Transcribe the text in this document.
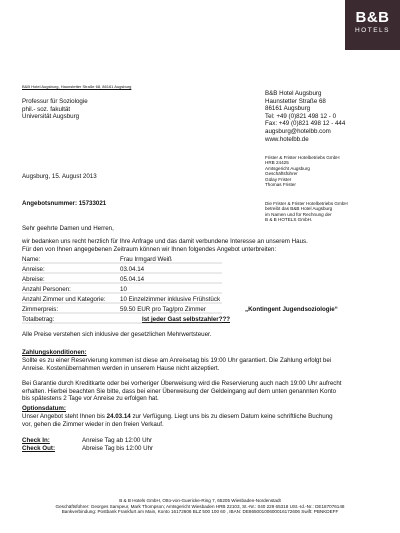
B&B
HOTELS
B&B Hotel Augsburg, Haunstetter Straße 68, 86161 Augsburg
Professur für Soziologie
phil.- soz. fakultät
Universität Augsburg
B&B Hotel Augsburg
Haunstetter Straße 68
86161 Augsburg
Tel: +49 (0)821 498 12 - 0
Fax: +49 (0)821 498 12 - 444
augsburg@hotelbb.com
www.hotelbb.de
Frister & Frister Hotelbetriebs GmbH
HRB 24425
Amtsgericht Augsburg
Geschäftsführer
Gülay Frister
Thomas Frister
Augsburg, 15. August 2013
Die Frister & Frister Hotelbetriebs GmbH
betreibt das B&B Hotel Augsburg
im Namen und für Rechnung der
B & B HOTELS GmbH.
Angebotsnummer: 15733021
Sehr geehrte Damen und Herren,
wir bedanken uns recht herzlich für Ihre Anfrage und das damit verbundene Interesse an unserem Haus.
Für den von Ihnen angegebenen Zeitraum können wir Ihnen folgendes Angebot unterbreiten:
Name:	Frau Irmgard Weiß
Anreise:	03.04.14
Abreise:	05.04.14
Anzahl Personen:	10
Anzahl Zimmer und Kategorie: 10 Einzelzimmer inklusive Frühstück
Zimmerpreis:	59.50 EUR pro Tag/pro Zimmer	„Kontingent Jugendsoziologie“
Totalbetrag:	Ist jeder Gast selbstzahler???
Alle Preise verstehen sich inklusive der gesetzlichen Mehrwertsteuer.
Zahlungskonditionen:
Sollte es zu einer Reservierung kommen ist diese am Anreisetag bis 19:00 Uhr garantiert. Die Zahlung erfolgt bei
Anreise. Kostenübernahmen werden in unserem Hause nicht akzeptiert.
Bei Garantie durch Kreditkarte oder bei vorheriger Überweisung wird die Reservierung auch nach 19:00 Uhr aufrecht
erhalten. Hierbei beachten Sie bitte, dass bei einer Überweisung der Geldeingang auf dem unten genannten Konto
bis spätestens 2 Tage vor Anreise zu erfolgen hat.
Optionsdatum:
Unser Angebot steht Ihnen bis 24.03.14 zur Verfügung. Liegt uns bis zu diesem Datum keine schriftliche Buchung
vor, gehen die Zimmer wieder in den freien Verkauf.
Check In:	Anreise Tag ab 12:00 Uhr
Check Out:	Abreise Tag bis 12:00 Uhr
B & B Hotels GmbH, Otto-von-Guericke-Ring 7, 65205 Wiesbaden-Nordenstadt
Geschäftsführer: Georges Sampeur, Mark Thompson; Amtsgericht Wiesbaden HRB 22103, St.-Nr.: 040 229 65318 USt.-Id.-Nr.: DE187076148
Bankverbindung: Postbank Frankfurt am Main, Konto 16172606 BLZ 500 100 60 , IBAN: DE86500100600016172606 Swift: PBNKDEFF
